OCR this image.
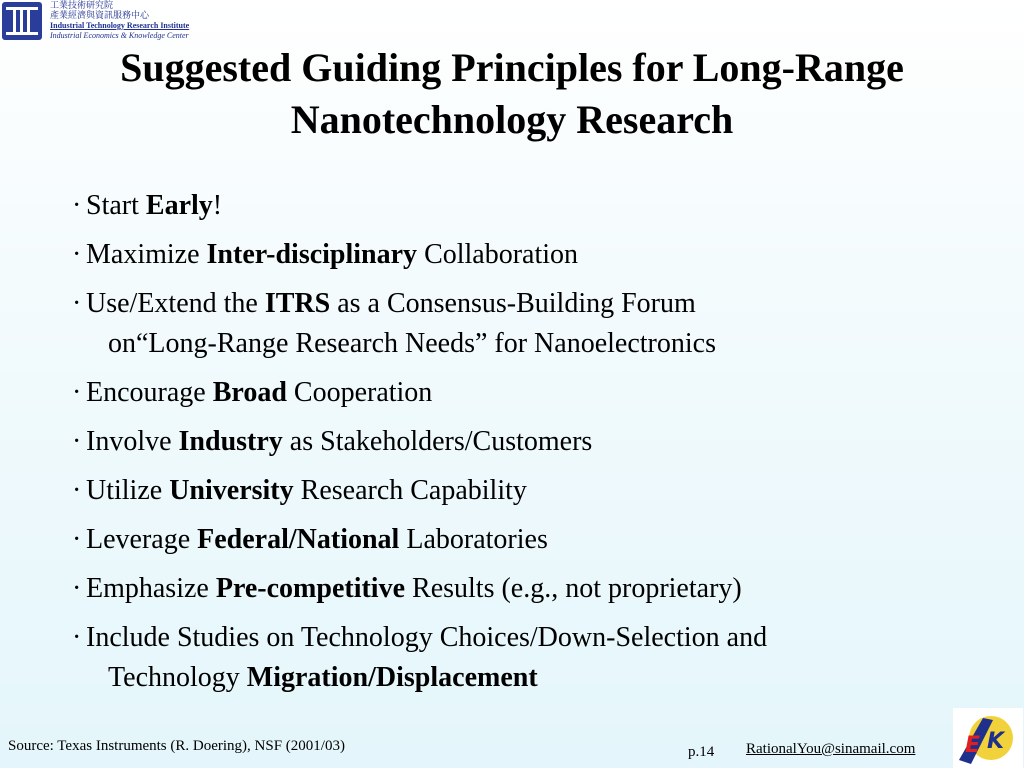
工業技術研究院
產業經濟與資訊服務中心
Industrial Technology Research Institute
Industrial Economics & Knowledge Center
Suggested Guiding Principles for Long-Range
Nanotechnology Research
· Start Early!
· Maximize Inter-disciplinary Collaboration
· Use/Extend the ITRS as a Consensus-Building Forum
on“Long-Range Research Needs” for Nanoelectronics
· Encourage Broad Cooperation
· Involve Industry as Stakeholders/Customers
· Utilize University Research Capability
· Leverage Federal/National Laboratories
· Emphasize Pre-competitive Results (e.g., not proprietary)
· Include Studies on Technology Choices/Down-Selection and
Technology Migration/Displacement
Source: Texas Instruments (R. Doering), NSF (2001/03)	p.14 RationalYou@sinamail.com E K
